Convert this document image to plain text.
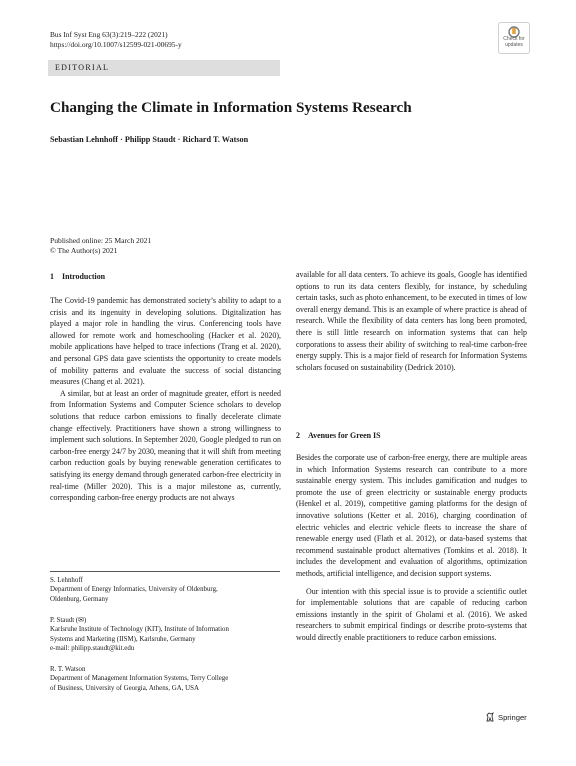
Bus Inf Syst Eng 63(3):219–222 (2021)
https://doi.org/10.1007/s12599-021-00695-y
Check for
updates
EDITORIAL
Changing the Climate in Information Systems Research
Sebastian Lehnhoff · Philipp Staudt · Richard T. Watson
Published online: 25 March 2021
© The Author(s) 2021
1 Introduction

The Covid-19 pandemic has demonstrated society’s ability to adapt to a crisis and its ingenuity in developing solutions. Digitalization has played a major role in handling the virus. Conferencing tools have allowed for remote work and homeschooling (Hacker et al. 2020), mobile applications have helped to trace infections (Trang et al. 2020), and personal GPS data gave scientists the opportunity to create models of mobility patterns and evaluate the success of social distancing measures (Chang et al. 2021).

A similar, but at least an order of magnitude greater, effort is needed from Information Systems and Computer Science scholars to develop solutions that reduce carbon emissions to finally decelerate climate change effectively. Practitioners have shown a strong willingness to implement such solutions. In September 2020, Google pledged to run on carbon-free energy 24/7 by 2030, meaning that it will shift from meeting carbon reduction goals by buying renewable generation certificates to satisfying its energy demand through generated carbon-free electricity in real-time (Miller 2020). This is a major milestone as, currently, corresponding carbon-free energy products are not always

S. Lehnhoff
Department of Energy Informatics, University of Oldenburg,
Oldenburg, Germany
P. Staudt (✉)
Karlsruhe Institute of Technology (KIT), Institute of Information
Systems and Marketing (IISM), Karlsruhe, Germany
e-mail: philipp.staudt@kit.edu
R. T. Watson
Department of Management Information Systems, Terry College
of Business, University of Georgia, Athens, GA, USA

available for all data centers. To achieve its goals, Google has identified options to run its data centers flexibly, for instance, by scheduling certain tasks, such as photo enhancement, to be executed in times of low overall energy demand. This is an example of where practice is ahead of research. While the flexibility of data centers has long been promoted, there is still little research on information systems that can help corporations to assess their ability of switching to real-time carbon-free energy supply. This is a major field of research for Information Systems scholars focused on sustainability (Dedrick 2010).

2 Avenues for Green IS

Besides the corporate use of carbon-free energy, there are multiple areas in which Information Systems research can contribute to a more sustainable energy system. This includes gamification and nudges to promote the use of green electricity or sustainable energy products (Henkel et al. 2019), competitive gaming platforms for the design of innovative solutions (Ketter et al. 2016), charging coordination of electric vehicles and electric vehicle fleets to increase the share of renewable energy used (Flath et al. 2012), or data-based systems that recommend sustainable product alternatives (Tomkins et al. 2018). It includes the development and evaluation of algorithms, optimization methods, artificial intelligence, and decision support systems.

Our intention with this special issue is to provide a scientific outlet for implementable solutions that are capable of reducing carbon emissions instantly in the spirit of Gholami et al. (2016). We asked researchers to submit empirical findings or describe proto-systems that would directly enable practitioners to reduce carbon emissions.

Springer
